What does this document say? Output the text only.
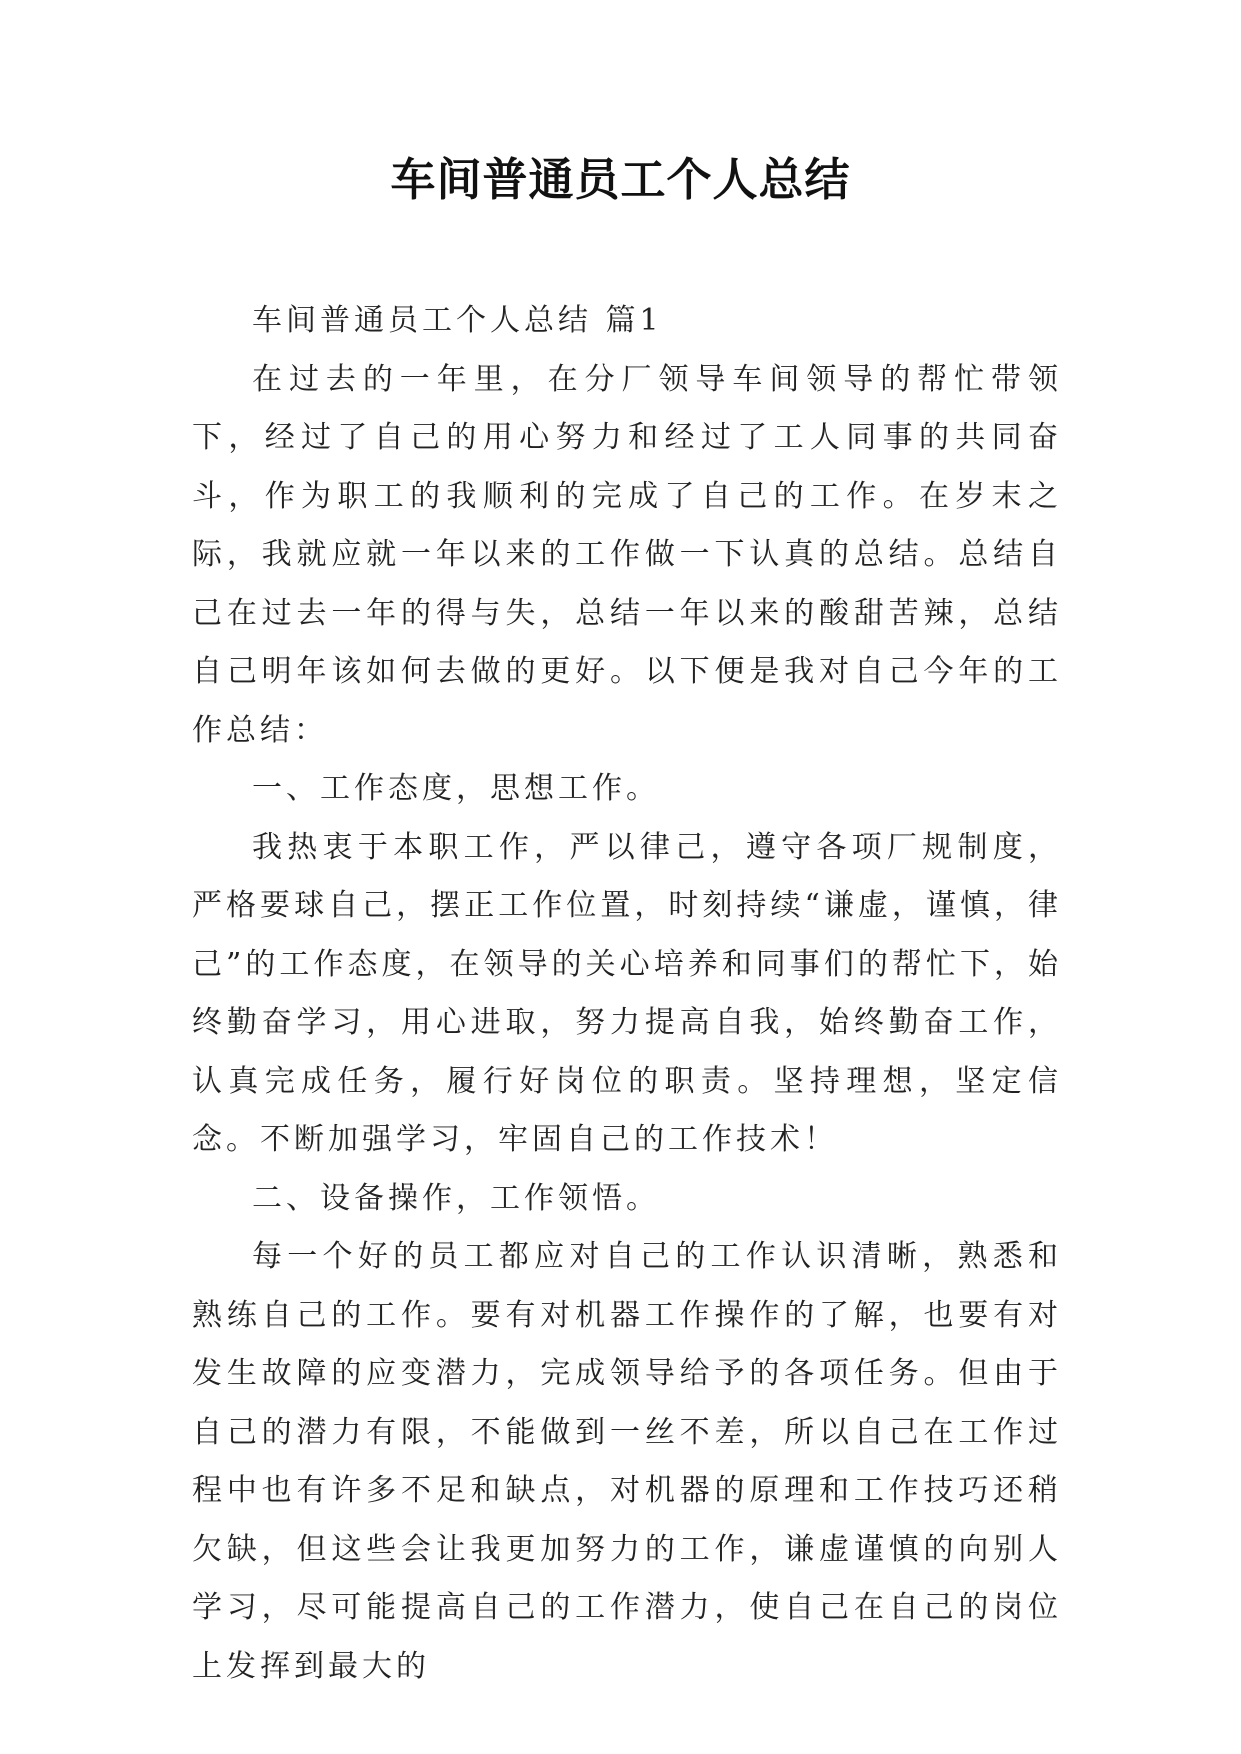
车间普通员工个人总结

车间普通员工个人总结 篇1

在过去的一年里，在分厂领导车间领导的帮忙带领下，经过了自己的用心努力和经过了工人同事的共同奋斗，作为职工的我顺利的完成了自己的工作。在岁末之际，我就应就一年以来的工作做一下认真的总结。总结自己在过去一年的得与失，总结一年以来的酸甜苦辣，总结自己明年该如何去做的更好。以下便是我对自己今年的工作总结：

一、工作态度，思想工作。

我热衷于本职工作，严以律己，遵守各项厂规制度，严格要球自己，摆正工作位置，时刻持续“谦虚，谨慎，律己”的工作态度，在领导的关心培养和同事们的帮忙下，始终勤奋学习，用心进取，努力提高自我，始终勤奋工作，认真完成任务，履行好岗位的职责。坚持理想，坚定信念。不断加强学习，牢固自己的工作技术！

二、设备操作，工作领悟。

每一个好的员工都应对自己的工作认识清晰，熟悉和熟练自己的工作。要有对机器工作操作的了解，也要有对发生故障的应变潜力，完成领导给予的各项任务。但由于自己的潜力有限，不能做到一丝不差，所以自己在工作过程中也有许多不足和缺点，对机器的原理和工作技巧还稍欠缺，但这些会让我更加努力的工作，谦虚谨慎的向别人学习，尽可能提高自己的工作潜力，使自己在自己的岗位上发挥到最大的
